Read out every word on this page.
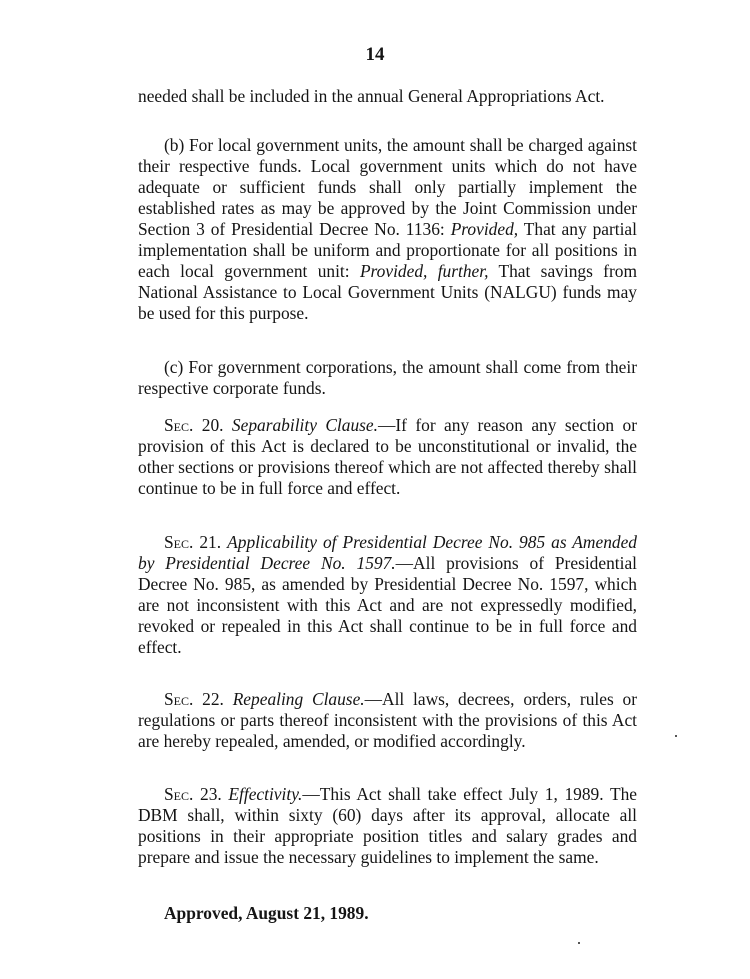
14

needed shall be included in the annual General Appropriations Act.

(b) For local government units, the amount shall be charged against their respective funds. Local government units which do not have adequate or sufficient funds shall only partially implement the established rates as may be approved by the Joint Commission under Section 3 of Presidential Decree No. 1136: Provided, That any partial implementation shall be uniform and proportionate for all positions in each local government unit: Provided, further, That savings from National Assistance to Local Government Units (NALGU) funds may be used for this purpose.

(c) For government corporations, the amount shall come from their respective corporate funds.

Sec. 20. Separability Clause.—If for any reason any section or provision of this Act is declared to be unconstitutional or invalid, the other sections or provisions thereof which are not affected thereby shall continue to be in full force and effect.

Sec. 21. Applicability of Presidential Decree No. 985 as Amended by Presidential Decree No. 1597.—All provisions of Presidential Decree No. 985, as amended by Presidential Decree No. 1597, which are not inconsistent with this Act and are not expressedly modified, revoked or repealed in this Act shall continue to be in full force and effect.

Sec. 22. Repealing Clause.—All laws, decrees, orders, rules or regulations or parts thereof inconsistent with the provisions of this Act are hereby repealed, amended, or modified accordingly.

Sec. 23. Effectivity.—This Act shall take effect July 1, 1989. The DBM shall, within sixty (60) days after its approval, allocate all positions in their appropriate position titles and salary grades and prepare and issue the necessary guidelines to implement the same.

Approved, August 21, 1989.
